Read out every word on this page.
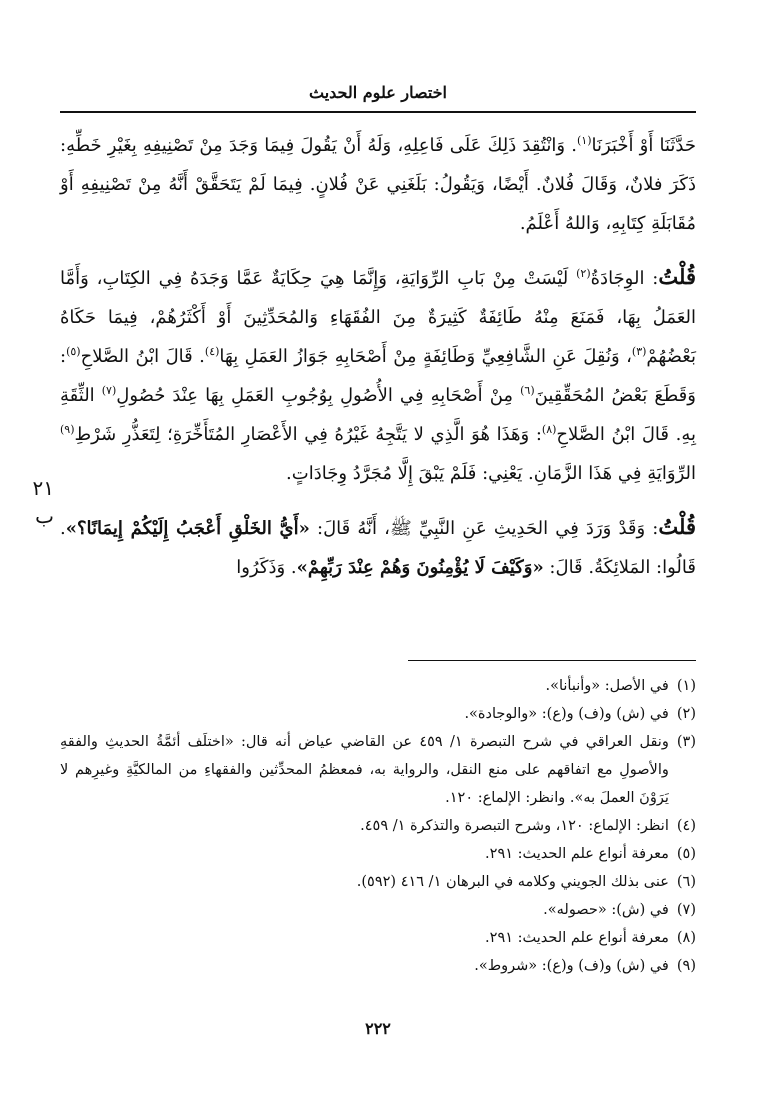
اختصار علوم الحديث

حَدَّثَنَا أَوْ أَخْبَرَنَا$^{(١)}$. وَانْتُقِدَ ذَلِكَ عَلَى فَاعِلِهِ، وَلَهُ أَنْ يَقُولَ فِيمَا وَجَدَ مِنْ تَصْنِيفِهِ بِغَيْرِ خَطِّهِ: ذَكَرَ فلانٌ، وَقَالَ فُلانٌ. أَيْضًا، وَيَقُولُ: بَلَغَنِي عَنْ فُلانٍ. فِيمَا لَمْ يَتَحَقَّقْ أَنَّهُ مِنْ تَصْنِيفِهِ أَوْ مُقَابَلَةِ كِتَابِهِ، وَاللهُ أَعْلَمُ.

قُلْتُ: الوِجَادَةُ$^{(٢)}$ لَيْسَتْ مِنْ بَابِ الرِّوَايَةِ، وَإِنَّمَا هِيَ حِكَايَةٌ عَمَّا وَجَدَهُ فِي الكِتَابِ، وَأَمَّا العَمَلُ بِهَا، فَمَنَعَ مِنْهُ طَائِفَةٌ كَثِيرَةٌ مِنَ الفُقَهَاءِ وَالمُحَدِّثِينَ أَوْ أَكْثَرُهُمْ، فِيمَا حَكَاهُ بَعْضُهُمْ$^{(٣)}$، وَنُقِلَ عَنِ الشَّافِعِيِّ وَطَائِفَةٍ مِنْ أَصْحَابِهِ جَوَازُ العَمَلِ بِهَا$^{(٤)}$. قَالَ ابْنُ الصَّلاحِ$^{(٥)}$: وَقَطَعَ بَعْضُ المُحَقِّقِينَ$^{(٦)}$ مِنْ أَصْحَابِهِ فِي الأُصُولِ بِوُجُوبِ العَمَلِ بِهَا عِنْدَ حُصُولِ$^{(٧)}$ الثِّقَةِ بِهِ. قَالَ ابْنُ الصَّلاحِ$^{(٨)}$: وَهَذَا هُوَ الَّذِي لا يَتَّجِهُ غَيْرُهُ فِي الأَعْصَارِ المُتَأَخِّرَةِ؛ لِتَعَذُّرِ شَرْطِ$^{(٩)}$ الرِّوَايَةِ فِي هَذَا الزَّمَانِ. يَعْنِي: فَلَمْ يَبْقَ إِلَّا مُجَرَّدُ وِجَادَاتٍ.

قُلْتُ: وَقَدْ وَرَدَ فِي الحَدِيثِ عَنِ النَّبِيِّ ﷺ، أَنَّهُ قَالَ: «أَيُّ الخَلْقِ أَعْجَبُ إِلَيْكُمْ إِيمَانًا؟». قَالُوا: المَلائِكَةُ. قَالَ: «وَكَيْفَ لَا يُؤْمِنُونَ وَهُمْ عِنْدَ رَبِّهِمْ». وَذَكَرُوا

٢١ ب
(١)
في الأصل: «وأنبأنا».
(٢)
في (ش) و(ف) و(ع): «والوجادة».
(٣)
ونقل العراقي في شرح التبصرة ١/ ٤٥٩ عن القاضي عياض أنه قال: «اختلَف أئمَّةُ الحديثِ والفقهِ والأصولِ مع اتفاقهم على منع النقل، والرواية به، فمعظمُ المحدِّثين والفقهاءِ من المالكيَّةِ وغيرِهم لا يَرَوْنَ العملَ به». وانظر: الإلماع: ١٢٠.
(٤)
انظر: الإلماع: ١٢٠، وشرح التبصرة والتذكرة ١/ ٤٥٩.
(٥)
معرفة أنواع علم الحديث: ٢٩١.
(٦)
عنى بذلك الجويني وكلامه في البرهان ١/ ٤١٦ (٥٩٢).
(٧)
في (ش): «حصوله».
(٨)
معرفة أنواع علم الحديث: ٢٩١.
(٩)
في (ش) و(ف) و(ع): «شروط».
٢٢٢
